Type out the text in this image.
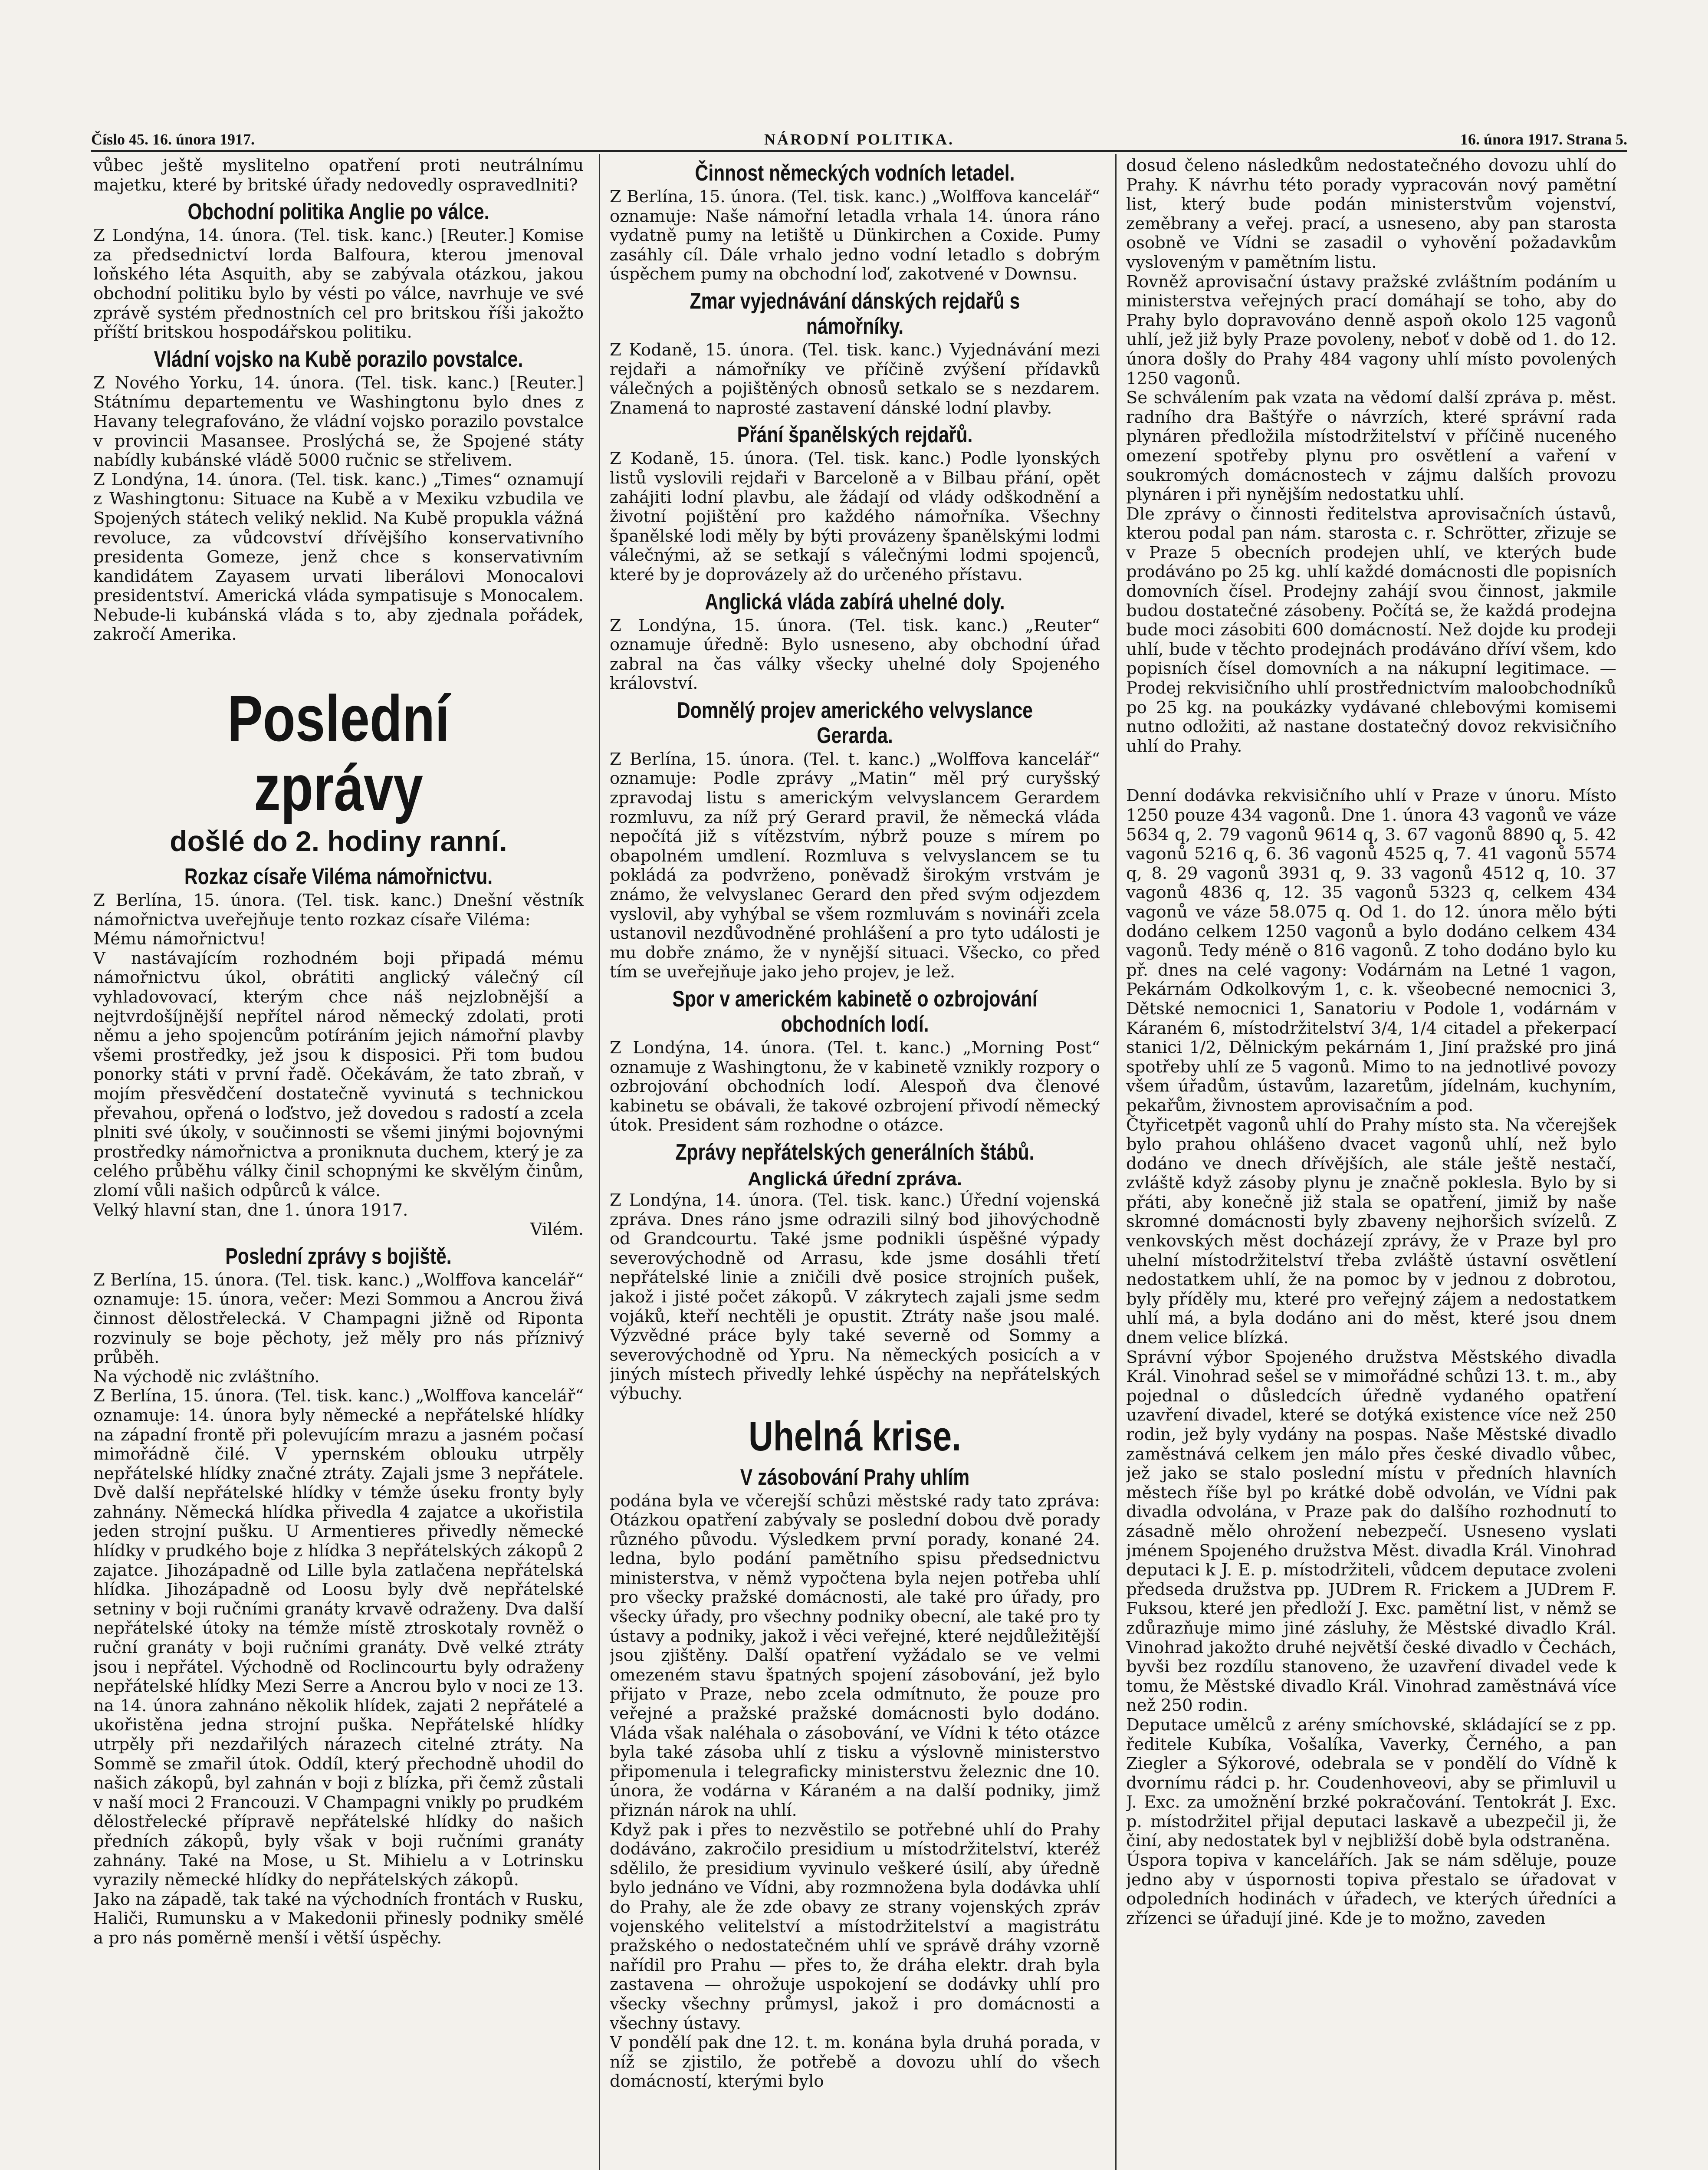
Číslo 45. 16. února 1917.	NÁRODNÍ POLITIKA.	16. února 1917. Strana 5.

vůbec ještě myslitelno opatření proti neutrálnímu majetku, které by britské úřady nedovedly ospravedlniti?

Obchodní politika Anglie po válce.

Z Londýna, 14. února. (Tel. tisk. kanc.) [Reuter.] Komise za předsednictví lorda Balfoura, kterou jmenoval loňského léta Asquith, aby se zabývala otázkou, jakou obchodní politiku bylo by vésti po válce, navrhuje ve své zprávě systém přednostních cel pro britskou říši jakožto příští britskou hospodářskou politiku.

Vládní vojsko na Kubě porazilo povstalce.

Z Nového Yorku, 14. února. (Tel. tisk. kanc.) [Reuter.] Státnímu departementu ve Washingtonu bylo dnes z Havany telegrafováno, že vládní vojsko porazilo povstalce v provincii Masansee. Proslýchá se, že Spojené státy nabídly kubánské vládě 5000 ručnic se střelivem.

Z Londýna, 14. února. (Tel. tisk. kanc.) „Times“ oznamují z Washingtonu: Situace na Kubě a v Mexiku vzbudila ve Spojených státech veliký neklid. Na Kubě propukla vážná revoluce, za vůdcovství dřívějšího konservativního presidenta Gomeze, jenž chce s konservativním kandidátem Zayasem urvati liberálovi Monocalovi presidentství. Americká vláda sympatisuje s Monocalem. Nebude-li kubánská vláda s to, aby zjednala pořádek, zakročí Amerika.

Poslední zprávy
došlé do 2. hodiny ranní.
Rozkaz císaře Viléma námořnictvu.

Z Berlína, 15. února. (Tel. tisk. kanc.) Dnešní věstník námořnictva uveřejňuje tento rozkaz císaře Viléma:

Mému námořnictvu!

V nastávajícím rozhodném boji připadá mému námořnictvu úkol, obrátiti anglický válečný cíl vyhladovovací, kterým chce náš nejzlobnější a nejtvrdošíjnější nepřítel národ německý zdolati, proti němu a jeho spojencům potíráním jejich námořní plavby všemi prostředky, jež jsou k disposici. Při tom budou ponorky státi v první řadě. Očekávám, že tato zbraň, v mojím přesvědčení dostatečně vyvinutá s technickou převahou, opřená o loďstvo, jež dovedou s radostí a zcela plniti své úkoly, v součinnosti se všemi jinými bojovnými prostředky námořnictva a proniknuta duchem, který je za celého průběhu války činil schopnými ke skvělým činům, zlomí vůli našich odpůrců k válce.

Velký hlavní stan, dne 1. února 1917.

Vilém.

Poslední zprávy s bojiště.

Z Berlína, 15. února. (Tel. tisk. kanc.) „Wolffova kancelář“ oznamuje: 15. února, večer: Mezi Sommou a Ancrou živá činnost dělostřelecká. V Champagni jižně od Riponta rozvinuly se boje pěchoty, jež měly pro nás příznivý průběh.

Na východě nic zvláštního.

Z Berlína, 15. února. (Tel. tisk. kanc.) „Wolffova kancelář“ oznamuje: 14. února byly německé a nepřátelské hlídky na západní frontě při polevujícím mrazu a jasném počasí mimořádně čilé. V ypernském oblouku utrpěly nepřátelské hlídky značné ztráty. Zajali jsme 3 nepřátele. Dvě další nepřátelské hlídky v témže úseku fronty byly zahnány. Německá hlídka přivedla 4 zajatce a ukořistila jeden strojní pušku. U Armentieres přivedly německé hlídky v prudkého boje z hlídka 3 nepřátelských zákopů 2 zajatce. Jihozápadně od Lille byla zatlačena nepřátelská hlídka. Jihozápadně od Loosu byly dvě nepřátelské setniny v boji ručními granáty krvavě odraženy. Dva další nepřátelské útoky na témže místě ztroskotaly rovněž o ruční granáty v boji ručními granáty. Dvě velké ztráty jsou i nepřátel. Východně od Roclincourtu byly odraženy nepřátelské hlídky Mezi Serre a Ancrou bylo v noci ze 13. na 14. února zahnáno několik hlídek, zajati 2 nepřátelé a ukořistěna jedna strojní puška. Nepřátelské hlídky utrpěly při nezdařilých nárazech citelné ztráty. Na Sommě se zmařil útok. Oddíl, který přechodně uhodil do našich zákopů, byl zahnán v boji z blízka, při čemž zůstali v naší moci 2 Francouzi. V Champagni vnikly po prudkém dělostřelecké přípravě nepřátelské hlídky do našich předních zákopů, byly však v boji ručními granáty zahnány. Také na Mose, u St. Mihielu a v Lotrinsku vyrazily německé hlídky do nepřátelských zákopů.

Jako na západě, tak také na východních frontách v Rusku, Haliči, Rumunsku a v Makedonii přinesly podniky smělé a pro nás poměrně menší i větší úspěchy.

Činnost německých vodních letadel.

Z Berlína, 15. února. (Tel. tisk. kanc.) „Wolffova kancelář“ oznamuje: Naše námořní letadla vrhala 14. února ráno vydatně pumy na letiště u Dünkirchen a Coxide. Pumy zasáhly cíl. Dále vrhalo jedno vodní letadlo s dobrým úspěchem pumy na obchodní loď, zakotvené v Downsu.

Zmar vyjednávání dánských rejdařů s námořníky.

Z Kodaně, 15. února. (Tel. tisk. kanc.) Vyjednávání mezi rejdaři a námořníky ve příčině zvýšení přídavků válečných a pojištěných obnosů setkalo se s nezdarem. Znamená to naprosté zastavení dánské lodní plavby.

Přání španělských rejdařů.

Z Kodaně, 15. února. (Tel. tisk. kanc.) Podle lyonských listů vyslovili rejdaři v Barceloně a v Bilbau přání, opět zahájiti lodní plavbu, ale žádají od vlády odškodnění a životní pojištění pro každého námořníka. Všechny španělské lodi měly by býti provázeny španělskými lodmi válečnými, až se setkají s válečnými lodmi spojenců, které by je doprovázely až do určeného přístavu.

Anglická vláda zabírá uhelné doly.

Z Londýna, 15. února. (Tel. tisk. kanc.) „Reuter“ oznamuje úředně: Bylo usneseno, aby obchodní úřad zabral na čas války všecky uhelné doly Spojeného království.

Domnělý projev amerického velvyslance Gerarda.

Z Berlína, 15. února. (Tel. t. kanc.) „Wolffova kancelář“ oznamuje: Podle zprávy „Matin“ měl prý curyšský zpravodaj listu s americkým velvyslancem Gerardem rozmluvu, za níž prý Gerard pravil, že německá vláda nepočítá již s vítězstvím, nýbrž pouze s mírem po obapolném umdlení. Rozmluva s velvyslancem se tu pokládá za podvrženo, poněvadž širokým vrstvám je známo, že velvyslanec Gerard den před svým odjezdem vyslovil, aby vyhýbal se všem rozmluvám s novináři zcela ustanovil nezdůvodněné prohlášení a pro tyto události je mu dobře známo, že v nynější situaci. Všecko, co před tím se uveřejňuje jako jeho projev, je lež.

Spor v americkém kabinetě o ozbrojování obchodních lodí.

Z Londýna, 14. února. (Tel. t. kanc.) „Morning Post“ oznamuje z Washingtonu, že v kabinetě vznikly rozpory o ozbrojování obchodních lodí. Alespoň dva členové kabinetu se obávali, že takové ozbrojení přivodí německý útok. President sám rozhodne o otázce.

Zprávy nepřátelských generálních štábů.
Anglická úřední zpráva.

Z Londýna, 14. února. (Tel. tisk. kanc.) Úřední vojenská zpráva. Dnes ráno jsme odrazili silný bod jihovýchodně od Grandcourtu. Také jsme podnikli úspěšné výpady severovýchodně od Arrasu, kde jsme dosáhli třetí nepřátelské linie a zničili dvě posice strojních pušek, jakož i jisté počet zákopů. V zákrytech zajali jsme sedm vojáků, kteří nechtěli je opustit. Ztráty naše jsou malé. Výzvědné práce byly také severně od Sommy a severovýchodně od Ypru. Na německých posicích a v jiných místech přivedly lehké úspěchy na nepřátelských výbuchy.

Uhelná krise.
V zásobování Prahy uhlím

podána byla ve včerejší schůzi městské rady tato zpráva: Otázkou opatření zabývaly se poslední dobou dvě porady různého původu. Výsledkem první porady, konané 24. ledna, bylo podání pamětního spisu předsednictvu ministerstva, v němž vypočtena byla nejen potřeba uhlí pro všecky pražské domácnosti, ale také pro úřady, pro všecky úřady, pro všechny podniky obecní, ale také pro ty ústavy a podniky, jakož i věci veřejné, které nejdůležitější jsou zjištěny. Další opatření vyžádalo se ve velmi omezeném stavu špatných spojení zásobování, jež bylo přijato v Praze, nebo zcela odmítnuto, že pouze pro veřejné a pražské pražské domácnosti bylo dodáno. Vláda však naléhala o zásobování, ve Vídni k této otázce byla také zásoba uhlí z tisku a výslovně ministerstvo připomenula i telegraficky ministerstvu železnic dne 10. února, že vodárna v Káraném a na další podniky, jimž přiznán nárok na uhlí.

Když pak i přes to nezvěstilo se potřebné uhlí do Prahy dodáváno, zakročilo presidium u místodržitelství, kteréž sdělilo, že presidium vyvinulo veškeré úsilí, aby úředně bylo jednáno ve Vídni, aby rozmnožena byla dodávka uhlí do Prahy, ale že zde obavy ze strany vojenských zpráv vojenského velitelství a místodržitelství a magistrátu pražského o nedostatečném uhlí ve správě dráhy vzorně nařídil pro Prahu — přes to, že dráha elektr. drah byla zastavena — ohrožuje uspokojení se dodávky uhlí pro všecky všechny průmysl, jakož i pro domácnosti a všechny ústavy.

V pondělí pak dne 12. t. m. konána byla druhá porada, v níž se zjistilo, že potřebě a dovozu uhlí do všech domácností, kterými bylo

dosud čeleno následkům nedostatečného dovozu uhlí do Prahy. K návrhu této porady vypracován nový pamětní list, který bude podán ministerstvům vojenství, zeměbrany a veřej. prací, a usneseno, aby pan starosta osobně ve Vídni se zasadil o vyhovění požadavkům vysloveným v pamětním listu.

Rovněž aprovisační ústavy pražské zvláštním podáním u ministerstva veřejných prací domáhají se toho, aby do Prahy bylo dopravováno denně aspoň okolo 125 vagonů uhlí, jež již byly Praze povoleny, neboť v době od 1. do 12. února došly do Prahy 484 vagony uhlí místo povolených 1250 vagonů.

Se schválením pak vzata na vědomí další zpráva p. měst. radního dra Baštýře o návrzích, které správní rada plynáren předložila místodržitelství v příčině nuceného omezení spotřeby plynu pro osvětlení a vaření v soukromých domácnostech v zájmu dalších provozu plynáren i při nynějším nedostatku uhlí.

Dle zprávy o činnosti ředitelstva aprovisačních ústavů, kterou podal pan nám. starosta c. r. Schrötter, zřizuje se v Praze 5 obecních prodejen uhlí, ve kterých bude prodáváno po 25 kg. uhlí každé domácnosti dle popisních domovních čísel. Prodejny zahájí svou činnost, jakmile budou dostatečné zásobeny. Počítá se, že každá prodejna bude moci zásobiti 600 domácností. Než dojde ku prodeji uhlí, bude v těchto prodejnách prodáváno dříví všem, kdo popisních čísel domovních a na nákupní legitimace. — Prodej rekvisičního uhlí prostřednictvím maloobchodníků po 25 kg. na poukázky vydávané chlebovými komisemi nutno odložiti, až nastane dostatečný dovoz rekvisičního uhlí do Prahy.

Denní dodávka rekvisičního uhlí v Praze v únoru. Místo 1250 pouze 434 vagonů. Dne 1. února 43 vagonů ve váze 5634 q, 2. 79 vagonů 9614 q, 3. 67 vagonů 8890 q, 5. 42 vagonů 5216 q, 6. 36 vagonů 4525 q, 7. 41 vagonů 5574 q, 8. 29 vagonů 3931 q, 9. 33 vagonů 4512 q, 10. 37 vagonů 4836 q, 12. 35 vagonů 5323 q, celkem 434 vagonů ve váze 58.075 q. Od 1. do 12. února mělo býti dodáno celkem 1250 vagonů a bylo dodáno celkem 434 vagonů. Tedy méně o 816 vagonů. Z toho dodáno bylo ku př. dnes na celé vagony: Vodárnám na Letné 1 vagon, Pekárnám Odkolkovým 1, c. k. všeobecné nemocnici 3, Dětské nemocnici 1, Sanatoriu v Podole 1, vodárnám v Káraném 6, místodržitelství 3/4, 1/4 citadel a překerpací stanici 1/2, Dělnickým pekárnám 1, Jiní pražské pro jiná spotřeby uhlí ze 5 vagonů. Mimo to na jednotlivé povozy všem úřadům, ústavům, lazaretům, jídelnám, kuchyním, pekařům, živnostem aprovisačním a pod.

Čtyřicetpět vagonů uhlí do Prahy místo sta. Na včerejšek bylo prahou ohlášeno dvacet vagonů uhlí, než bylo dodáno ve dnech dřívějších, ale stále ještě nestačí, zvláště když zásoby plynu je značně poklesla. Bylo by si přáti, aby konečně již stala se opatření, jimiž by naše skromné domácnosti byly zbaveny nejhoršich svízelů. Z venkovských měst docházejí zprávy, že v Praze byl pro uhelní místodržitelství třeba zvláště ústavní osvětlení nedostatkem uhlí, že na pomoc by v jednou z dobrotou, byly příděly mu, které pro veřejný zájem a nedostatkem uhlí má, a byla dodáno ani do měst, které jsou dnem dnem velice blízká.

Správní výbor Spojeného družstva Městského divadla Král. Vinohrad sešel se v mimořádné schůzi 13. t. m., aby pojednal o důsledcích úředně vydaného opatření uzavření divadel, které se dotýká existence více než 250 rodin, jež byly vydány na pospas. Naše Městské divadlo zaměstnává celkem jen málo přes české divadlo vůbec, jež jako se stalo poslední místu v předních hlavních městech říše byl po krátké době odvolán, ve Vídni pak divadla odvolána, v Praze pak do dalšího rozhodnutí to zásadně mělo ohrožení nebezpečí. Usneseno vyslati jménem Spojeného družstva Měst. divadla Král. Vinohrad deputaci k J. E. p. místodržiteli, vůdcem deputace zvoleni předseda družstva pp. JUDrem R. Frickem a JUDrem F. Fuksou, které jen předloží J. Exc. pamětní list, v němž se zdůrazňuje mimo jiné zásluhy, že Městské divadlo Král. Vinohrad jakožto druhé největší české divadlo v Čechách, byvši bez rozdílu stanoveno, že uzavření divadel vede k tomu, že Městské divadlo Král. Vinohrad zaměstnává více než 250 rodin.

Deputace umělců z arény smíchovské, skládající se z pp. ředitele Kubíka, Vošalíka, Vaverky, Černého, a pan Ziegler a Sýkorové, odebrala se v pondělí do Vídně k dvornímu rádci p. hr. Coudenhoveovi, aby se přimluvil u J. Exc. za umožnění brzké pokračování. Tentokrát J. Exc. p. místodržitel přijal deputaci laskavě a ubezpečil ji, že činí, aby nedostatek byl v nejbližší době byla odstraněna.

Úspora topiva v kancelářích. Jak se nám sděluje, pouze jedno aby v úspornosti topiva přestalo se úřadovat v odpoledních hodinách v úřadech, ve kterých úředníci a zřízenci se úřadují jiné. Kde je to možno, zaveden
